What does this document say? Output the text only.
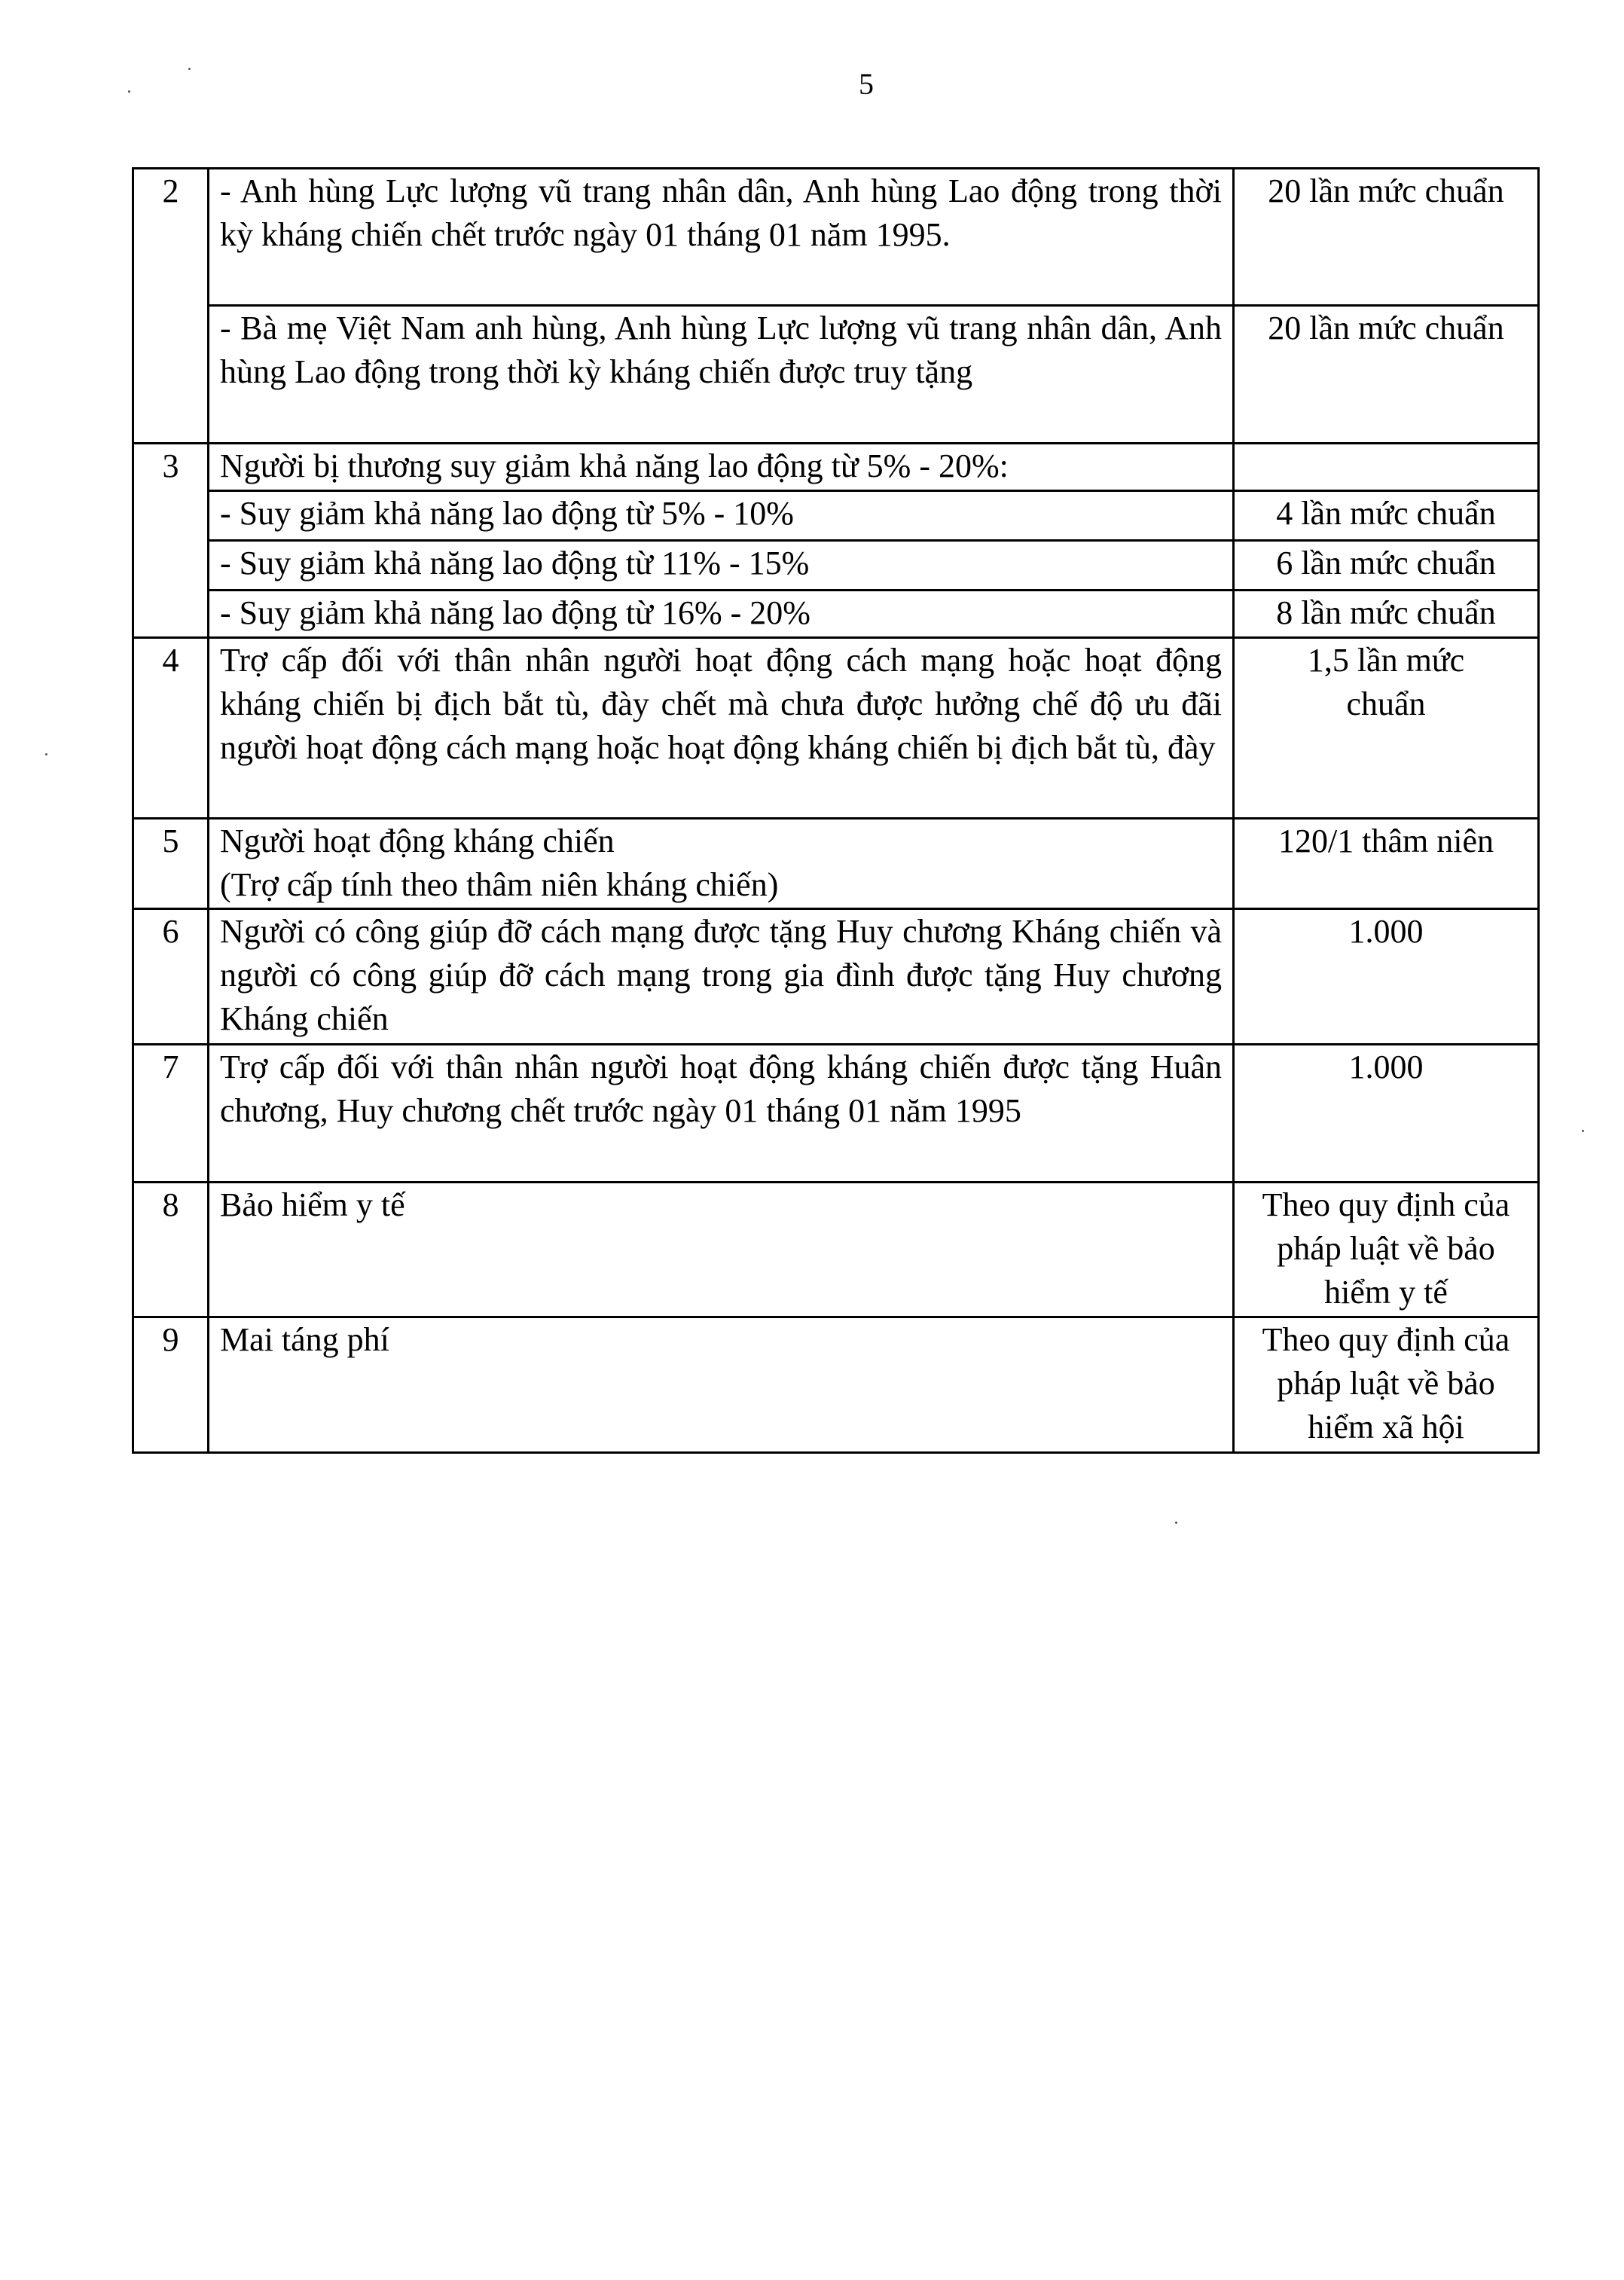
5
2	- Anh hùng Lực lượng vũ trang nhân dân, Anh hùng Lao động trong thời kỳ kháng chiến chết trước ngày 01 tháng 01 năm 1995.	20 lần mức chuẩn
	- Bà mẹ Việt Nam anh hùng, Anh hùng Lực lượng vũ trang nhân dân, Anh hùng Lao động trong thời kỳ kháng chiến được truy tặng	20 lần mức chuẩn
3	Người bị thương suy giảm khả năng lao động từ 5% - 20%:	
	- Suy giảm khả năng lao động từ 5% - 10%	4 lần mức chuẩn
	- Suy giảm khả năng lao động từ 11% - 15%	6 lần mức chuẩn
	- Suy giảm khả năng lao động từ 16% - 20%	8 lần mức chuẩn
4	Trợ cấp đối với thân nhân người hoạt động cách mạng hoặc hoạt động kháng chiến bị địch bắt tù, đày chết mà chưa được hưởng chế độ ưu đãi người hoạt động cách mạng hoặc hoạt động kháng chiến bị địch bắt tù, đày	1,5 lần mức
chuẩn

5	Người hoạt động kháng chiến
(Trợ cấp tính theo thâm niên kháng chiến)	120/1 thâm niên
6	Người có công giúp đỡ cách mạng được tặng Huy chương Kháng chiến và người có công giúp đỡ cách mạng trong gia đình được tặng Huy chương Kháng chiến	1.000
7	Trợ cấp đối với thân nhân người hoạt động kháng chiến được tặng Huân chương, Huy chương chết trước ngày 01 tháng 01 năm 1995	1.000
8	Bảo hiểm y tế	Theo quy định của
pháp luật về bảo
hiểm y tế

9	Mai táng phí	Theo quy định của
pháp luật về bảo
hiểm xã hội
